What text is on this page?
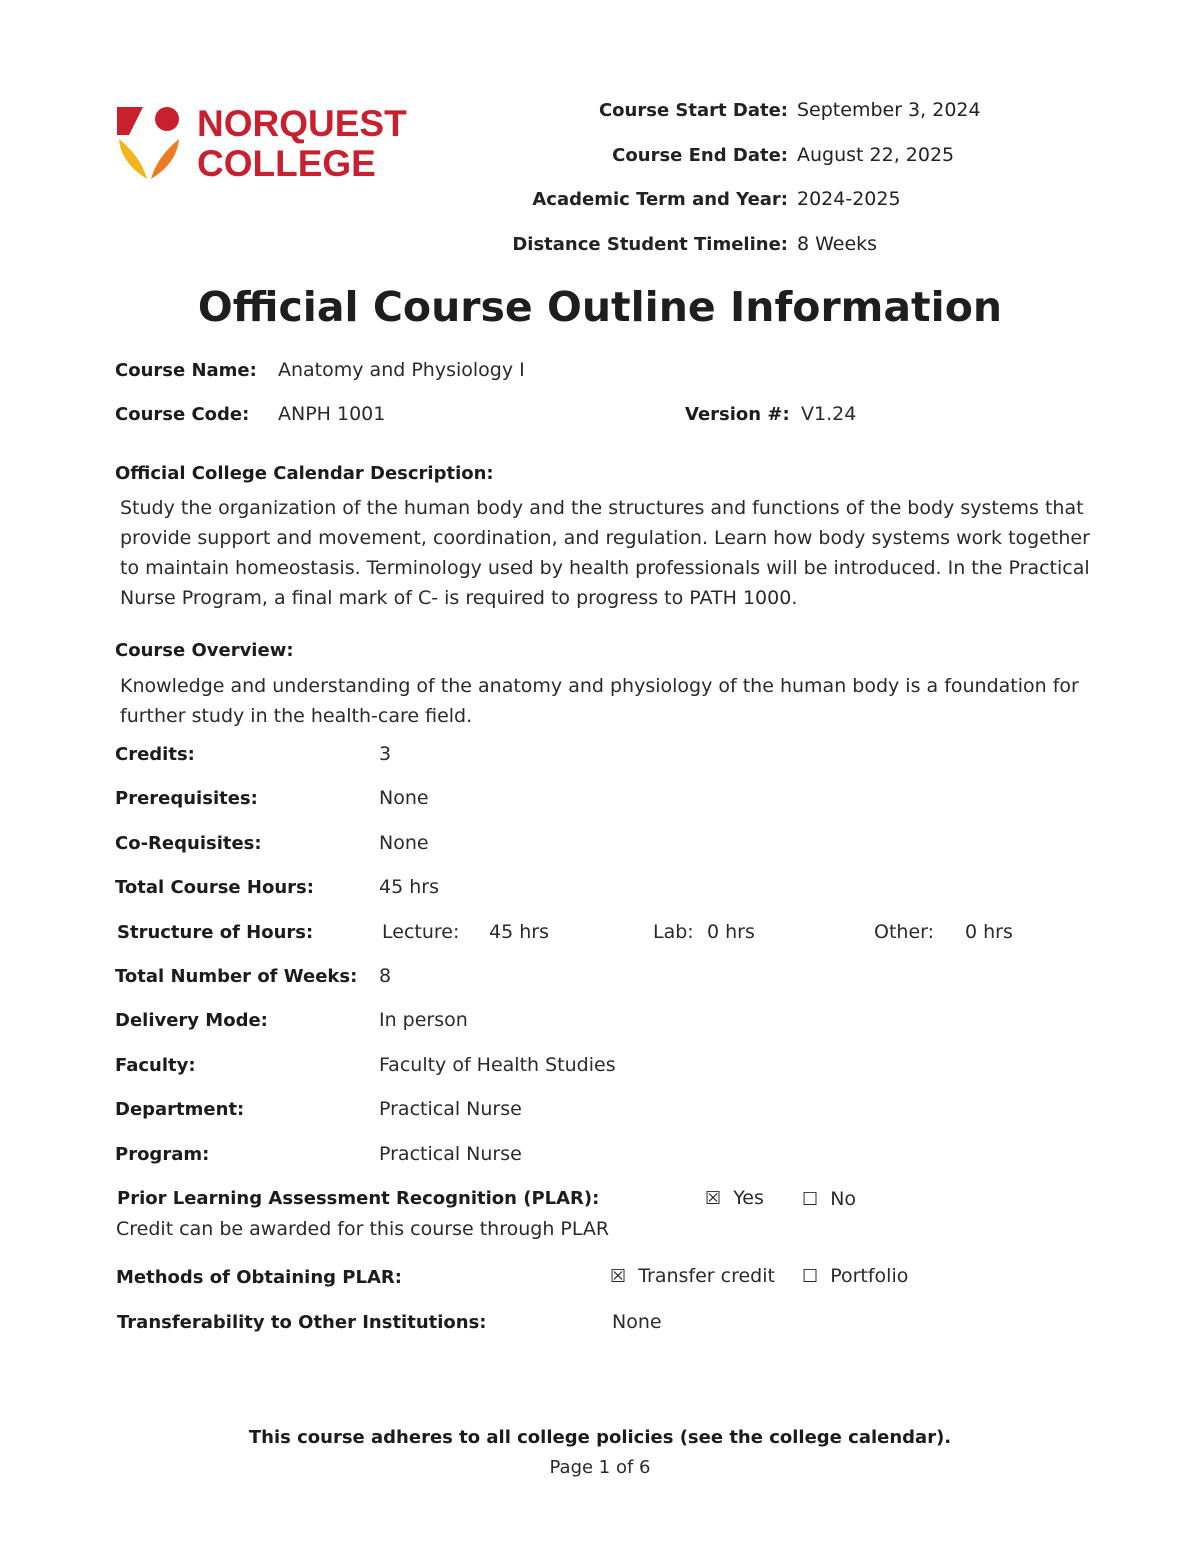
NORQUEST
COLLEGE
Course Start Date: September 3, 2024
Course End Date: August 22, 2025
Academic Term and Year: 2024-2025
Distance Student Timeline: 8 Weeks
Official Course Outline Information
Course Name: Anatomy and Physiology I
Course Code: ANPH 1001	Version #: V1.24
Official College Calendar Description:
Study the organization of the human body and the structures and functions of the body systems that provide support and movement, coordination, and regulation. Learn how body systems work together to maintain homeostasis. Terminology used by health professionals will be introduced. In the Practical Nurse Program, a final mark of C- is required to progress to PATH 1000.
Course Overview:
Knowledge and understanding of the anatomy and physiology of the human body is a foundation for further study in the health-care field.
Credits:	3
Prerequisites:	None
Co-Requisites:	None
Total Course Hours:	45 hrs
Structure of Hours:	Lecture: 45 hrs	Lab: 0 hrs	Other: 0 hrs
Total Number of Weeks: 8
Delivery Mode:	In person
Faculty:	Faculty of Health Studies
Department:	Practical Nurse
Program:	Practical Nurse
Prior Learning Assessment Recognition (PLAR):	☒ Yes ☐ No
Credit can be awarded for this course through PLAR
Methods of Obtaining PLAR:	☒ Transfer credit ☐ Portfolio
Transferability to Other Institutions:	None
This course adheres to all college policies (see the college calendar).
Page 1 of 6
